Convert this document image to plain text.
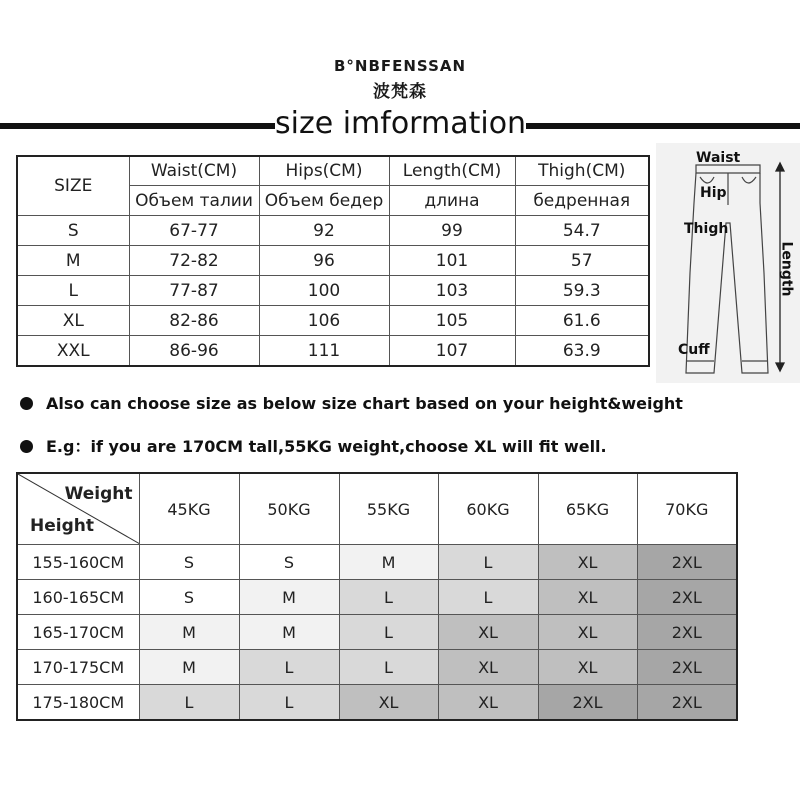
B°NBFENSSAN
波梵森
size imformation
SIZE	Waist(CM)	Hips(CM)	Length(CM)	Thigh(CM)
	Объем талии	Объем бедер	длина	бедренная
S	67-77	92	99	54.7
M	72-82	96	101	57
L	77-87	100	103	59.3
XL	82-86	106	105	61.6
XXL	86-96	111	107	63.9
Waist
Hip
Thigh
Cuff
Length
Also can choose size as below size chart based on your height&weight
E.g：if you are 170CM tall,55KG weight,choose XL will fit well.
Weight
Height	45KG	50KG	55KG	60KG	65KG	70KG
155-160CM	S	S	M	L	XL	2XL
160-165CM	S	M	L	L	XL	2XL
165-170CM	M	M	L	XL	XL	2XL
170-175CM	M	L	L	XL	XL	2XL
175-180CM	L	L	XL	XL	2XL	2XL
